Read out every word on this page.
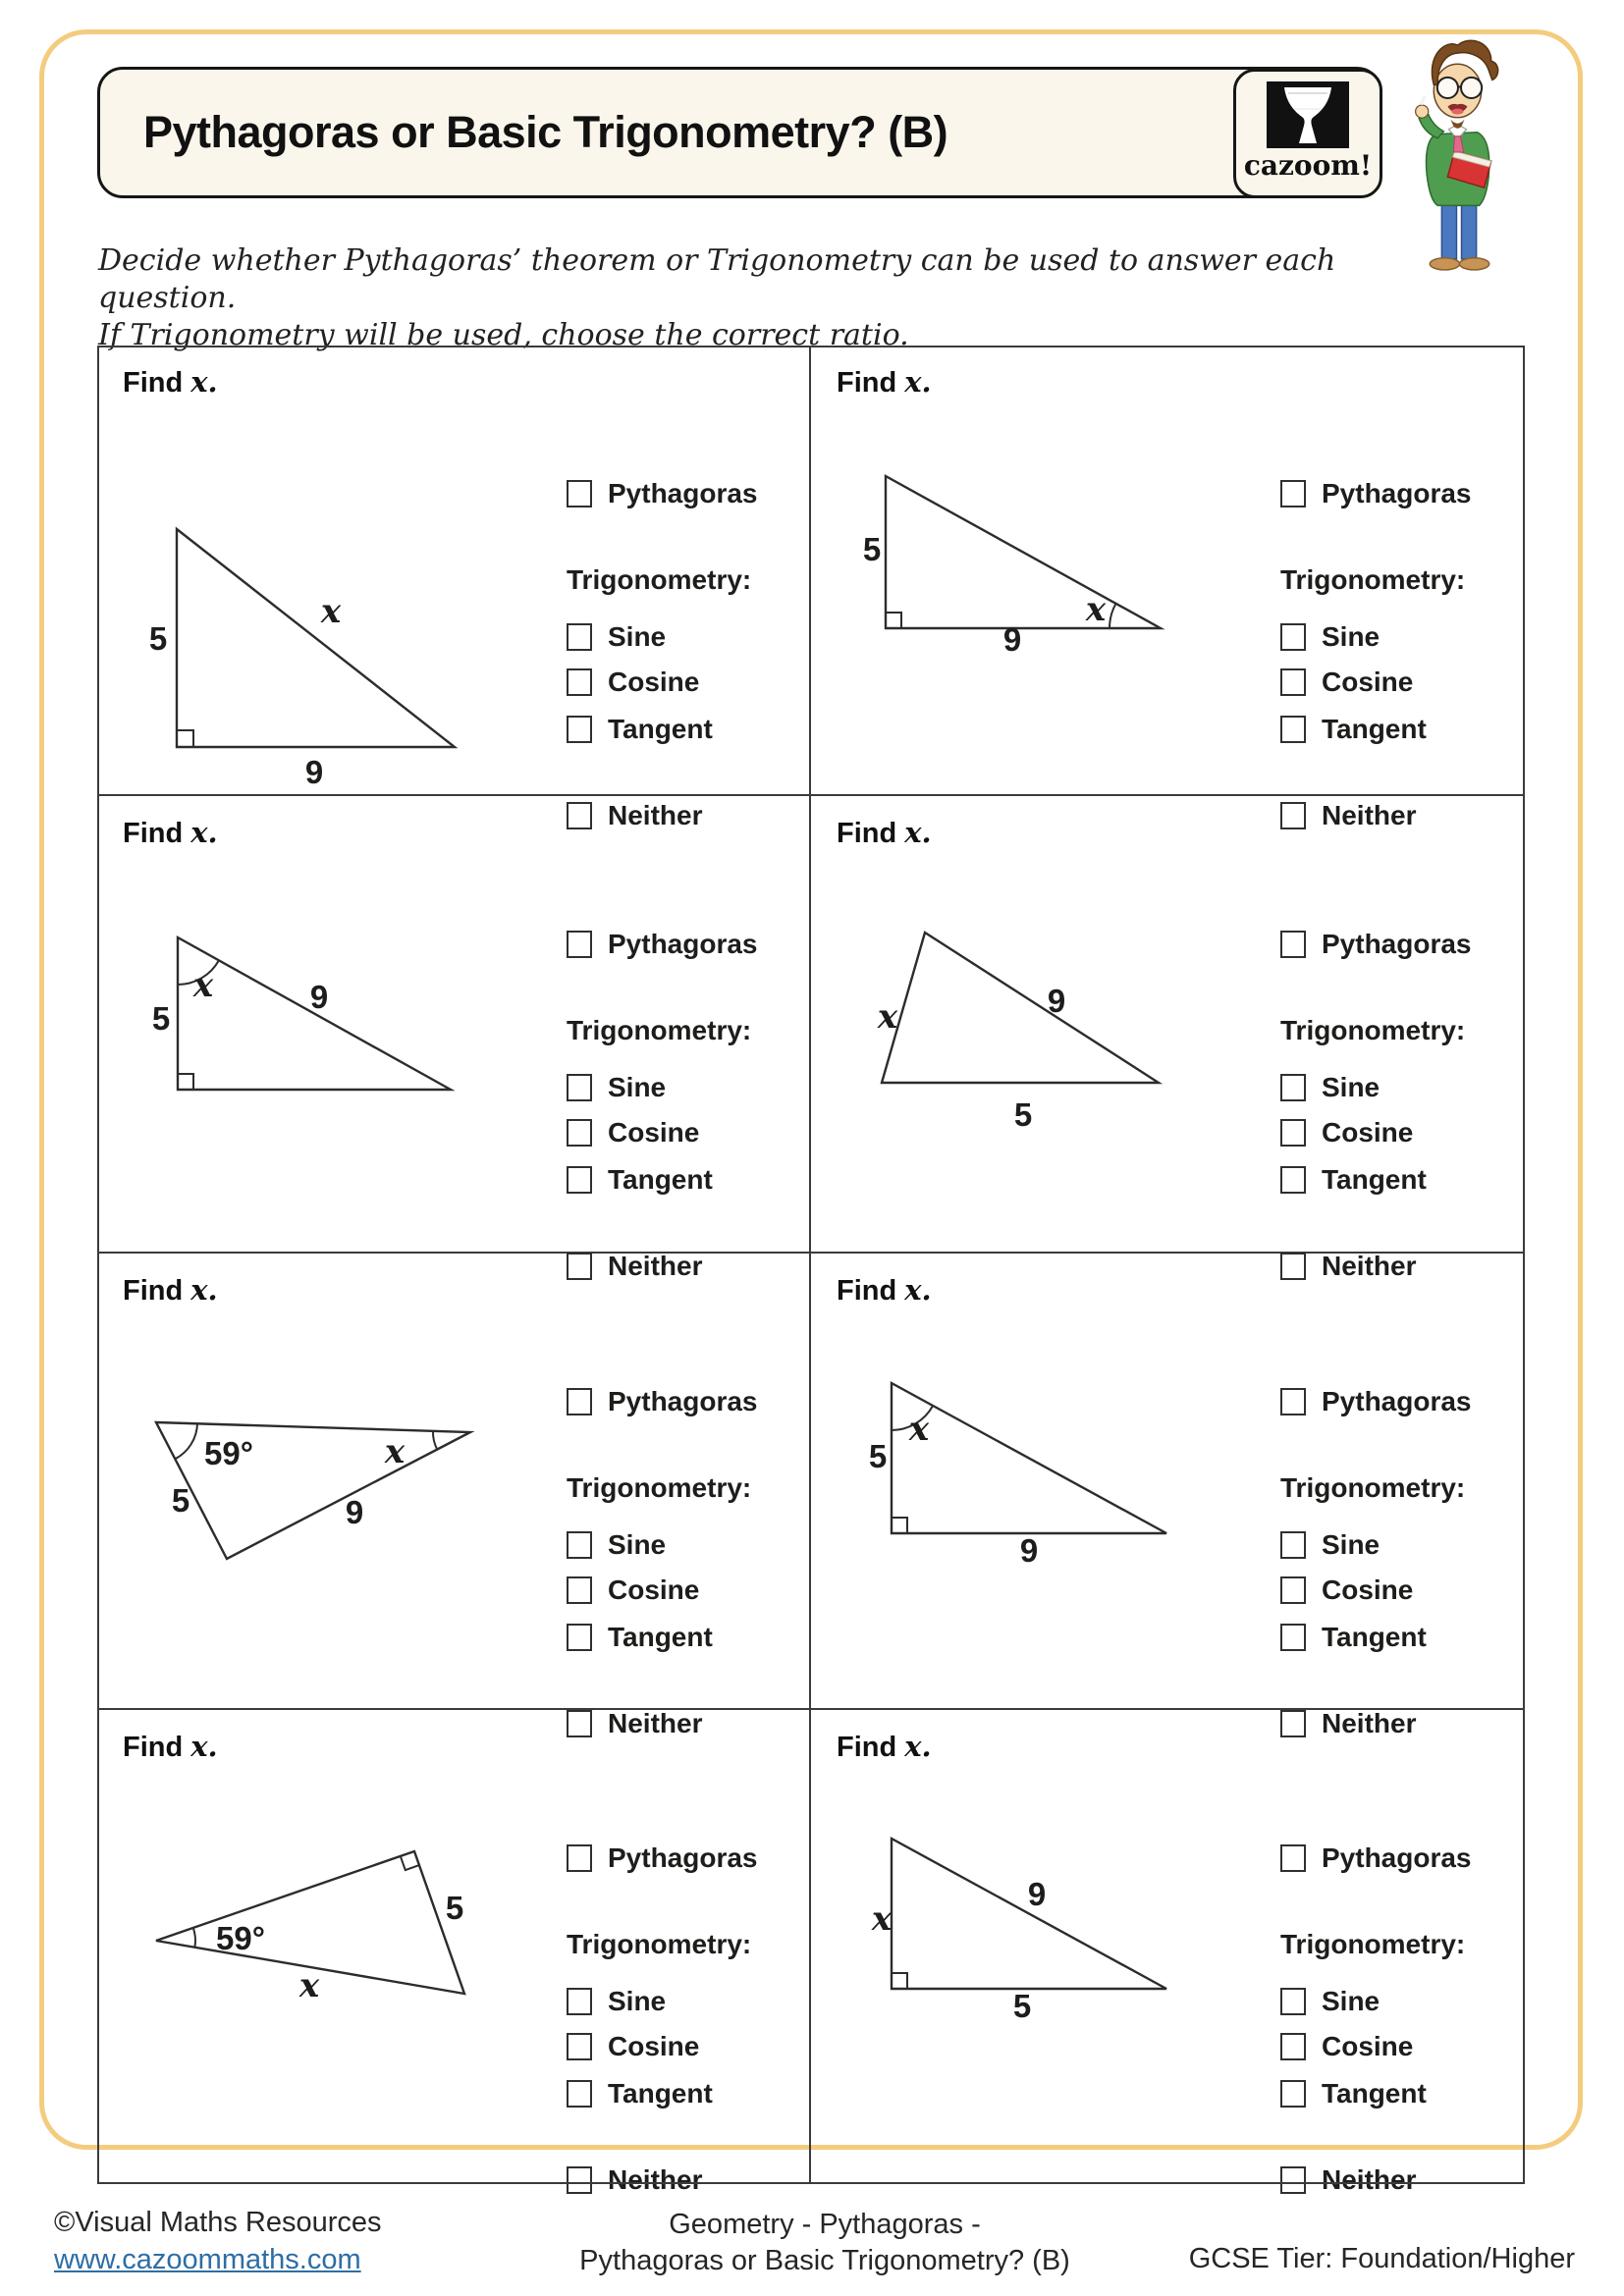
Pythagoras or Basic Trigonometry? (B)
cazoom!
Decide whether Pythagoras’ theorem or Trigonometry can be used to answer each question.
If Trigonometry will be used, choose the correct ratio.
Find x.
x
5
9
Pythagoras
Trigonometry:
Sine
Cosine
Tangent
Neither
Find x.
5
9
x
Pythagoras
Trigonometry:
Sine
Cosine
Tangent
Neither
Find x.
x	9
5
Pythagoras
Trigonometry:
Sine
Cosine
Tangent
Neither
Find x.
x	9
5
Pythagoras
Trigonometry:
Sine
Cosine
Tangent
Neither
Find x.
59°	x
5	9
Pythagoras
Trigonometry:
Sine
Cosine
Tangent
Neither
Find x.
x
5
9
Pythagoras
Trigonometry:
Sine
Cosine
Tangent
Neither
Find x.
59°
5
x
Pythagoras
Trigonometry:
Sine
Cosine
Tangent
Neither
Find x.
x
9
5
Pythagoras
Trigonometry:
Sine
Cosine
Tangent
Neither
©Visual Maths Resources
www.cazoommaths.com
Geometry - Pythagoras -
Pythagoras or Basic Trigonometry? (B)	GCSE Tier: Foundation/Higher
